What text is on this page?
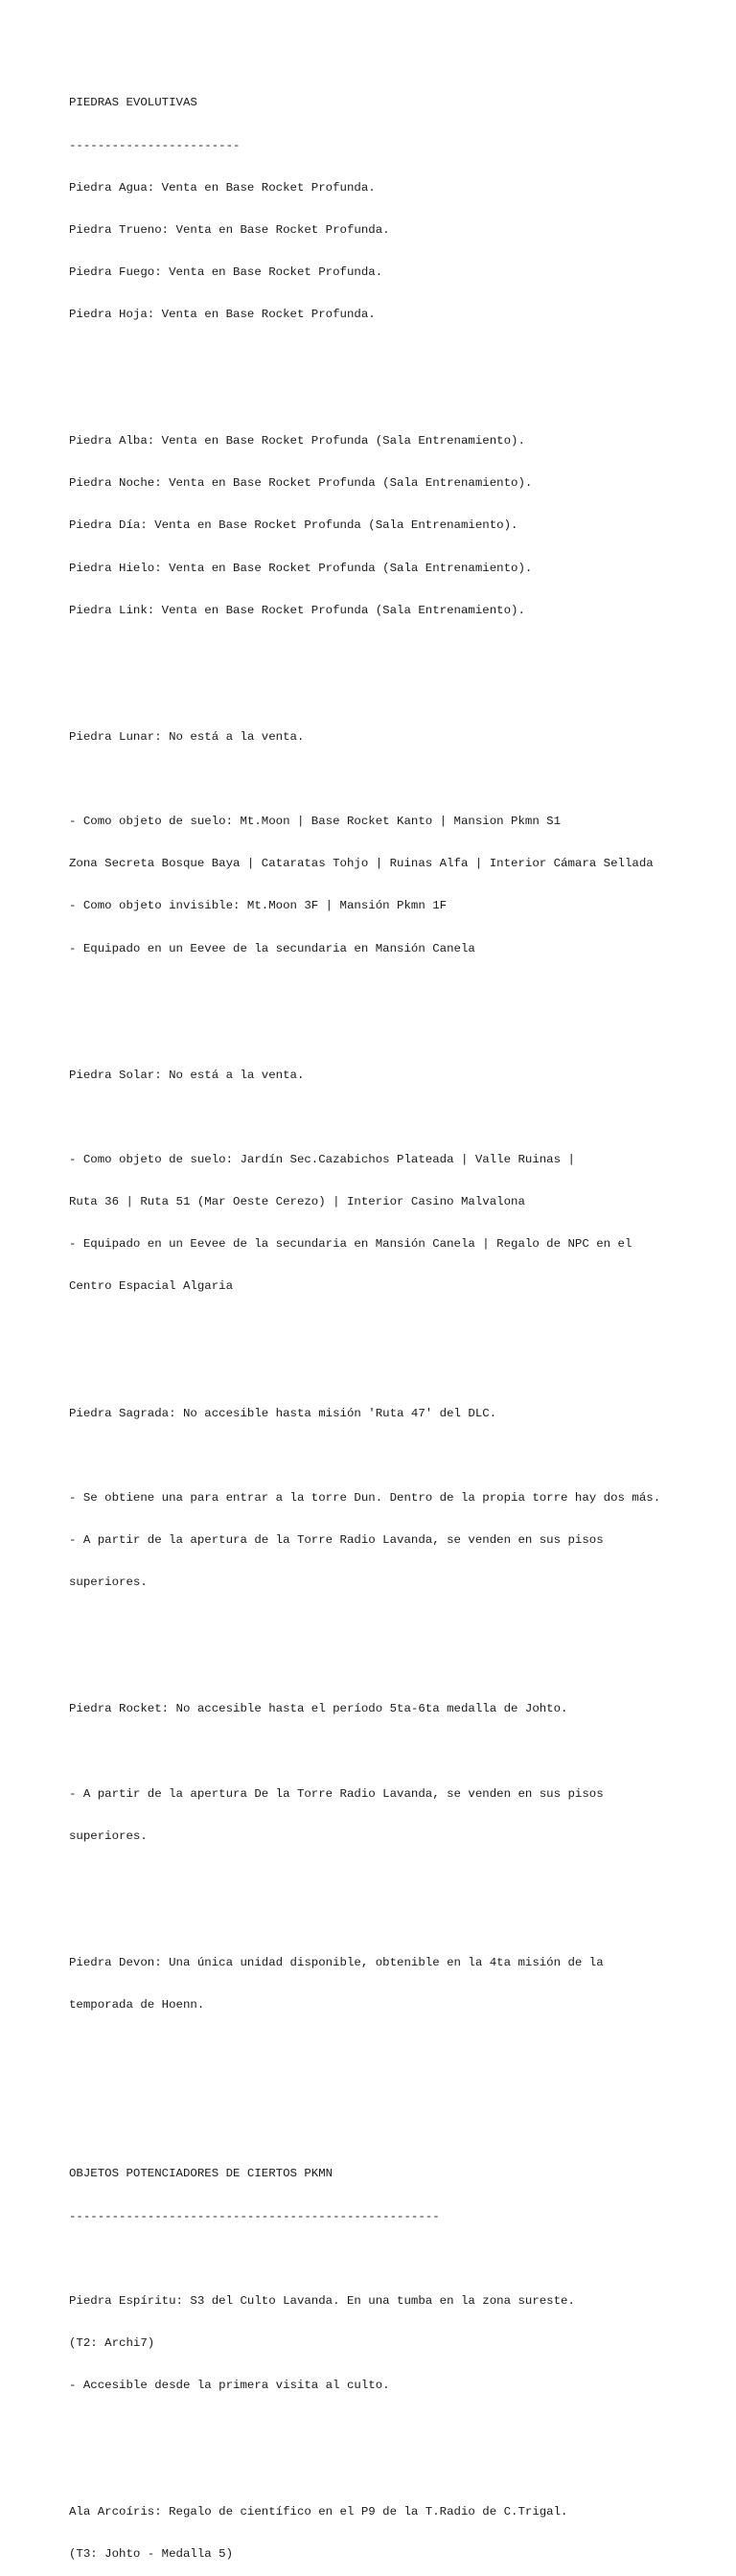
PIEDRAS EVOLUTIVAS

------------------------

Piedra Agua: Venta en Base Rocket Profunda.

Piedra Trueno: Venta en Base Rocket Profunda.

Piedra Fuego: Venta en Base Rocket Profunda.

Piedra Hoja: Venta en Base Rocket Profunda.

Piedra Alba: Venta en Base Rocket Profunda (Sala Entrenamiento).

Piedra Noche: Venta en Base Rocket Profunda (Sala Entrenamiento).

Piedra Día: Venta en Base Rocket Profunda (Sala Entrenamiento).

Piedra Hielo: Venta en Base Rocket Profunda (Sala Entrenamiento).

Piedra Link: Venta en Base Rocket Profunda (Sala Entrenamiento).

Piedra Lunar: No está a la venta.

- Como objeto de suelo: Mt.Moon | Base Rocket Kanto | Mansion Pkmn S1

Zona Secreta Bosque Baya | Cataratas Tohjo | Ruinas Alfa | Interior Cámara Sellada

- Como objeto invisible: Mt.Moon 3F | Mansión Pkmn 1F

- Equipado en un Eevee de la secundaria en Mansión Canela

Piedra Solar: No está a la venta.

- Como objeto de suelo: Jardín Sec.Cazabichos Plateada | Valle Ruinas |

Ruta 36 | Ruta 51 (Mar Oeste Cerezo) | Interior Casino Malvalona

- Equipado en un Eevee de la secundaria en Mansión Canela | Regalo de NPC en el

Centro Espacial Algaria

Piedra Sagrada: No accesible hasta misión 'Ruta 47' del DLC.

- Se obtiene una para entrar a la torre Dun. Dentro de la propia torre hay dos más.

- A partir de la apertura de la Torre Radio Lavanda, se venden en sus pisos

superiores.

Piedra Rocket: No accesible hasta el período 5ta-6ta medalla de Johto.

- A partir de la apertura De la Torre Radio Lavanda, se venden en sus pisos

superiores.

Piedra Devon: Una única unidad disponible, obtenible en la 4ta misión de la

temporada de Hoenn.

OBJETOS POTENCIADORES DE CIERTOS PKMN

----------------------------------------------------

Piedra Espíritu: S3 del Culto Lavanda. En una tumba en la zona sureste.

(T2: Archi7)

- Accesible desde la primera visita al culto.

Ala Arcoíris: Regalo de científico en el P9 de la T.Radio de C.Trigal.

(T3: Johto - Medalla 5)
